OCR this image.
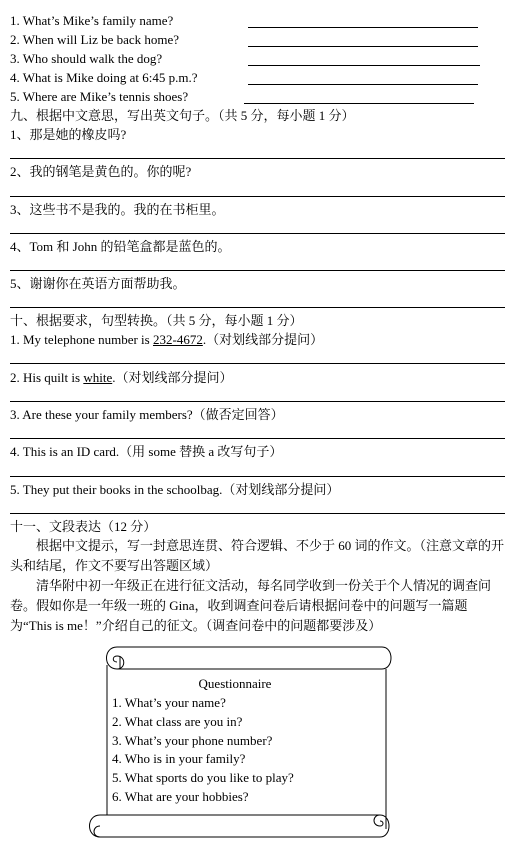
1. What’s Mike’s family name?
2. When will Liz be back home?
3. Who should walk the dog?
4. What is Mike doing at 6:45 p.m.?
5. Where are Mike’s tennis shoes?
九、根据中文意思，写出英文句子。（共 5 分，每小题 1 分）
1、那是她的橡皮吗?
2、我的钢笔是黄色的。你的呢?
3、这些书不是我的。我的在书柜里。
4、Tom 和 John 的铅笔盒都是蓝色的。
5、谢谢你在英语方面帮助我。
十、根据要求，句型转换。（共 5 分，每小题 1 分）
1. My telephone number is 232-4672.（对划线部分提问）
2. His quilt is white.（对划线部分提问）
3. Are these your family members?（做否定回答）
4. This is an ID card.（用 some 替换 a 改写句子）
5. They put their books in the schoolbag.（对划线部分提问）
十一、文段表达（12 分）
根据中文提示，写一封意思连贯、符合逻辑、不少于 60 词的作文。（注意文章的开头和结尾，作文不要写出答题区域）
清华附中初一年级正在进行征文活动，每名同学收到一份关于个人情况的调查问卷。假如你是一年级一班的 Gina，收到调查问卷后请根据问卷中的问题写一篇题为“This is me！”介绍自己的征文。（调查问卷中的问题都要涉及）
Questionnaire
1. What’s your name?
2. What class are you in?
3. What’s your phone number?
4. Who is in your family?
5. What sports do you like to play?
6. What are your hobbies?
